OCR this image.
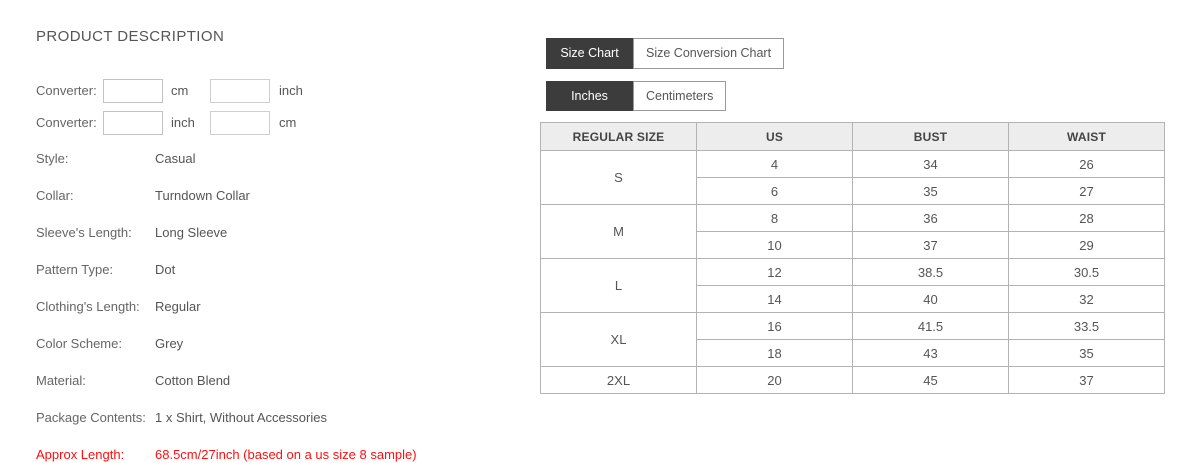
PRODUCT DESCRIPTION
Converter:	cm	inch
Converter:	inch	cm
Style:	Casual
Collar:	Turndown Collar
Sleeve's Length:	Long Sleeve
Pattern Type:	Dot
Clothing's Length:	Regular
Color Scheme:	Grey
Material:	Cotton Blend
Package Contents: 1 x Shirt, Without Accessories
Approx Length:	68.5cm/27inch (based on a us size 8 sample)
Size Chart	Size Conversion Chart
Inches	Centimeters
REGULAR SIZE	US	BUST	WAIST
S	4	34	26
	6	35	27
M	8	36	28
	10	37	29
L	12	38.5	30.5
	14	40	32
XL	16	41.5	33.5
	18	43	35
2XL	20	45	37
